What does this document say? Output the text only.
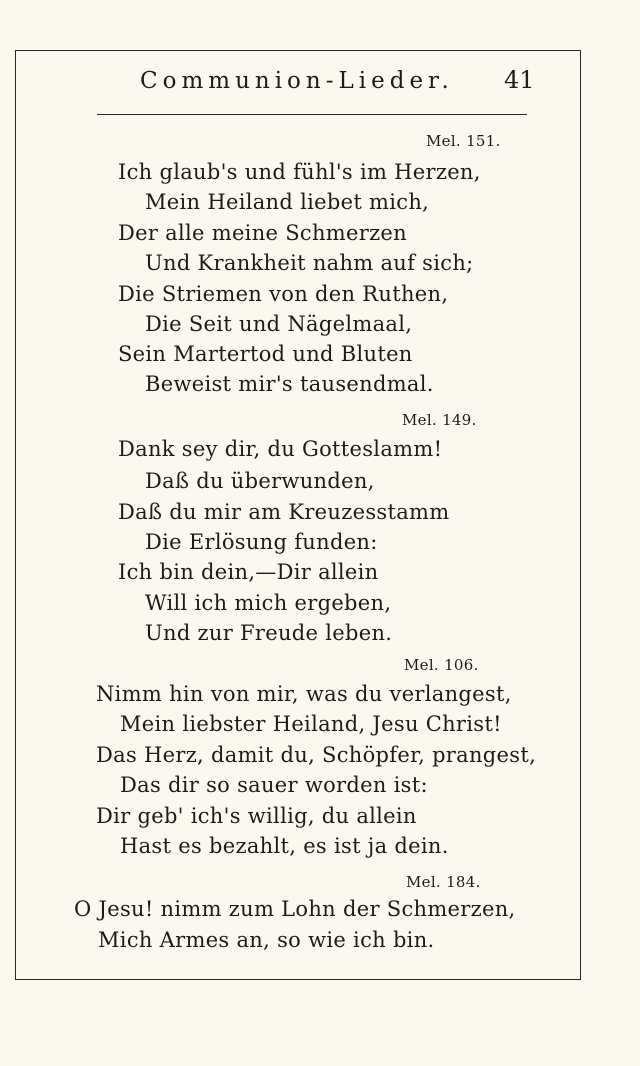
Communion-Lieder. 41
Mel. 151.
Ich glaub's und fühl's im Herzen,
Mein Heiland liebet mich,
Der alle meine Schmerzen
Und Krankheit nahm auf sich;
Die Striemen von den Ruthen,
Die Seit und Nägelmaal,
Sein Martertod und Bluten
Beweist mir's tausendmal.
Mel. 149.
Dank sey dir, du Gotteslamm!
Daß du überwunden,
Daß du mir am Kreuzesstamm
Die Erlösung funden:
Ich bin dein,—Dir allein
Will ich mich ergeben,
Und zur Freude leben.
Mel. 106.
Nimm hin von mir, was du verlangest,
Mein liebster Heiland, Jesu Christ!
Das Herz, damit du, Schöpfer, prangest,
Das dir so sauer worden ist:
Dir geb' ich's willig, du allein
Hast es bezahlt, es ist ja dein.
Mel. 184.
O Jesu! nimm zum Lohn der Schmerzen,
Mich Armes an, so wie ich bin.
